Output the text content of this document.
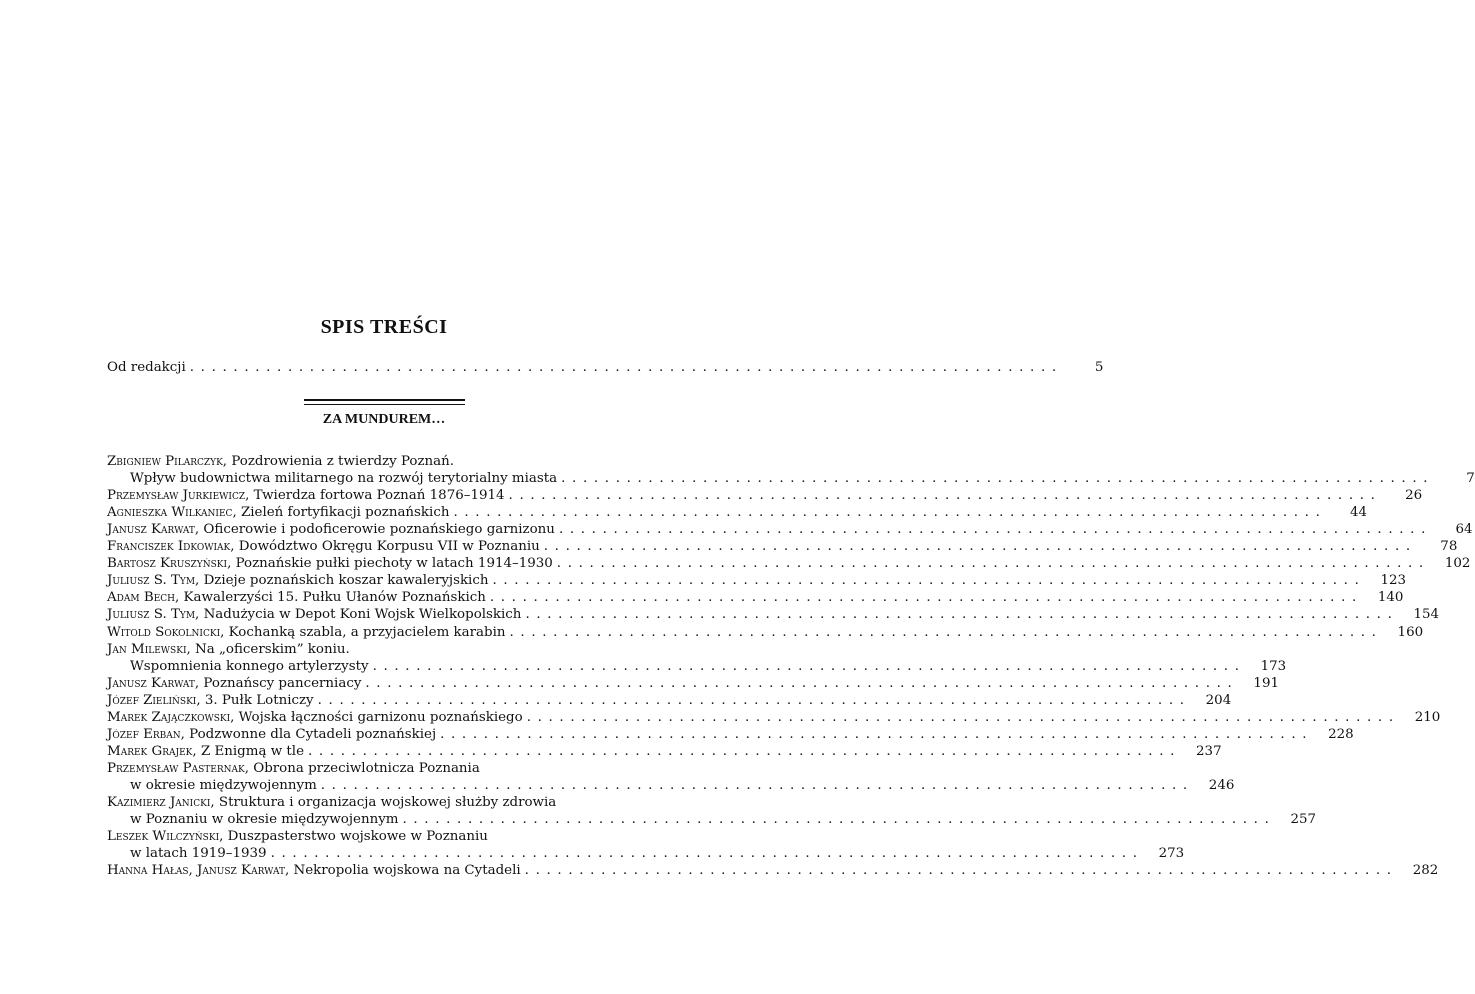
SPIS TREŚCI
Od redakcji . . . . . . . . . . . . . . . . . . . . . . . . . . . . . . . . . . . . . . . . . . . . . . . . . . . . . . . . . . . . . . . . . . . . . . . . . . . . . . . .	5
ZA MUNDUREM…
Zbigniew Pilarczyk, Pozdrowienia z twierdzy Poznań.
Wpływ budownictwa militarnego na rozwój terytorialny miasta . . . . . . . . . . . . . . . . . . . . . . . . . . . . . . . . . . . . . . . . . . . . . . . . . . . . . . . . . . . . . . . . . . . . . . . . . . . . . . . .	7
Przemysław Jurkiewicz, Twierdza fortowa Poznań 1876–1914 . . . . . . . . . . . . . . . . . . . . . . . . . . . . . . . . . . . . . . . . . . . . . . . . . . . . . . . . . . . . . . . . . . . . . . . . . . . . . . . .	26
Agnieszka Wilkaniec, Zieleń fortyfikacji poznańskich . . . . . . . . . . . . . . . . . . . . . . . . . . . . . . . . . . . . . . . . . . . . . . . . . . . . . . . . . . . . . . . . . . . . . . . . . . . . . . . .	44
Janusz Karwat, Oficerowie i podoficerowie poznańskiego garnizonu . . . . . . . . . . . . . . . . . . . . . . . . . . . . . . . . . . . . . . . . . . . . . . . . . . . . . . . . . . . . . . . . . . . . . . . . . . . . . . . .	64
Franciszek Idkowiak, Dowództwo Okręgu Korpusu VII w Poznaniu . . . . . . . . . . . . . . . . . . . . . . . . . . . . . . . . . . . . . . . . . . . . . . . . . . . . . . . . . . . . . . . . . . . . . . . . . . . . . . . .	78
Bartosz Kruszyński, Poznańskie pułki piechoty w latach 1914–1930 . . . . . . . . . . . . . . . . . . . . . . . . . . . . . . . . . . . . . . . . . . . . . . . . . . . . . . . . . . . . . . . . . . . . . . . . . . . . . . . . 102
Juliusz S. Tym, Dzieje poznańskich koszar kawaleryjskich . . . . . . . . . . . . . . . . . . . . . . . . . . . . . . . . . . . . . . . . . . . . . . . . . . . . . . . . . . . . . . . . . . . . . . . . . . . . . . . . 123
Adam Bech, Kawalerzyści 15. Pułku Ułanów Poznańskich . . . . . . . . . . . . . . . . . . . . . . . . . . . . . . . . . . . . . . . . . . . . . . . . . . . . . . . . . . . . . . . . . . . . . . . . . . . . . . . . 140
Juliusz S. Tym, Nadużycia w Depot Koni Wojsk Wielkopolskich . . . . . . . . . . . . . . . . . . . . . . . . . . . . . . . . . . . . . . . . . . . . . . . . . . . . . . . . . . . . . . . . . . . . . . . . . . . . . . . . 154
Witold Sokolnicki, Kochanką szabla, a przyjacielem karabin . . . . . . . . . . . . . . . . . . . . . . . . . . . . . . . . . . . . . . . . . . . . . . . . . . . . . . . . . . . . . . . . . . . . . . . . . . . . . . . . 160
Jan Milewski, Na „oficerskim” koniu.
Wspomnienia konnego artylerzysty . . . . . . . . . . . . . . . . . . . . . . . . . . . . . . . . . . . . . . . . . . . . . . . . . . . . . . . . . . . . . . . . . . . . . . . . . . . . . . . . 173
Janusz Karwat, Poznańscy pancerniacy . . . . . . . . . . . . . . . . . . . . . . . . . . . . . . . . . . . . . . . . . . . . . . . . . . . . . . . . . . . . . . . . . . . . . . . . . . . . . . . . 191
Józef Zieliński, 3. Pułk Lotniczy . . . . . . . . . . . . . . . . . . . . . . . . . . . . . . . . . . . . . . . . . . . . . . . . . . . . . . . . . . . . . . . . . . . . . . . . . . . . . . . . 204
Marek Zajączkowski, Wojska łączności garnizonu poznańskiego . . . . . . . . . . . . . . . . . . . . . . . . . . . . . . . . . . . . . . . . . . . . . . . . . . . . . . . . . . . . . . . . . . . . . . . . . . . . . . . . 210
Józef Erban, Podzwonne dla Cytadeli poznańskiej . . . . . . . . . . . . . . . . . . . . . . . . . . . . . . . . . . . . . . . . . . . . . . . . . . . . . . . . . . . . . . . . . . . . . . . . . . . . . . . . 228
Marek Grajek, Z Enigmą w tle . . . . . . . . . . . . . . . . . . . . . . . . . . . . . . . . . . . . . . . . . . . . . . . . . . . . . . . . . . . . . . . . . . . . . . . . . . . . . . . . 237
Przemysław Pasternak, Obrona przeciwlotnicza Poznania
w okresie międzywojennym . . . . . . . . . . . . . . . . . . . . . . . . . . . . . . . . . . . . . . . . . . . . . . . . . . . . . . . . . . . . . . . . . . . . . . . . . . . . . . . . 246
Kazimierz Janicki, Struktura i organizacja wojskowej służby zdrowia
w Poznaniu w okresie międzywojennym . . . . . . . . . . . . . . . . . . . . . . . . . . . . . . . . . . . . . . . . . . . . . . . . . . . . . . . . . . . . . . . . . . . . . . . . . . . . . . . . 257
Leszek Wilczyński, Duszpasterstwo wojskowe w Poznaniu
w latach 1919–1939 . . . . . . . . . . . . . . . . . . . . . . . . . . . . . . . . . . . . . . . . . . . . . . . . . . . . . . . . . . . . . . . . . . . . . . . . . . . . . . . . 273
Hanna Hałas, Janusz Karwat, Nekropolia wojskowa na Cytadeli . . . . . . . . . . . . . . . . . . . . . . . . . . . . . . . . . . . . . . . . . . . . . . . . . . . . . . . . . . . . . . . . . . . . . . . . . . . . . . . . 282
